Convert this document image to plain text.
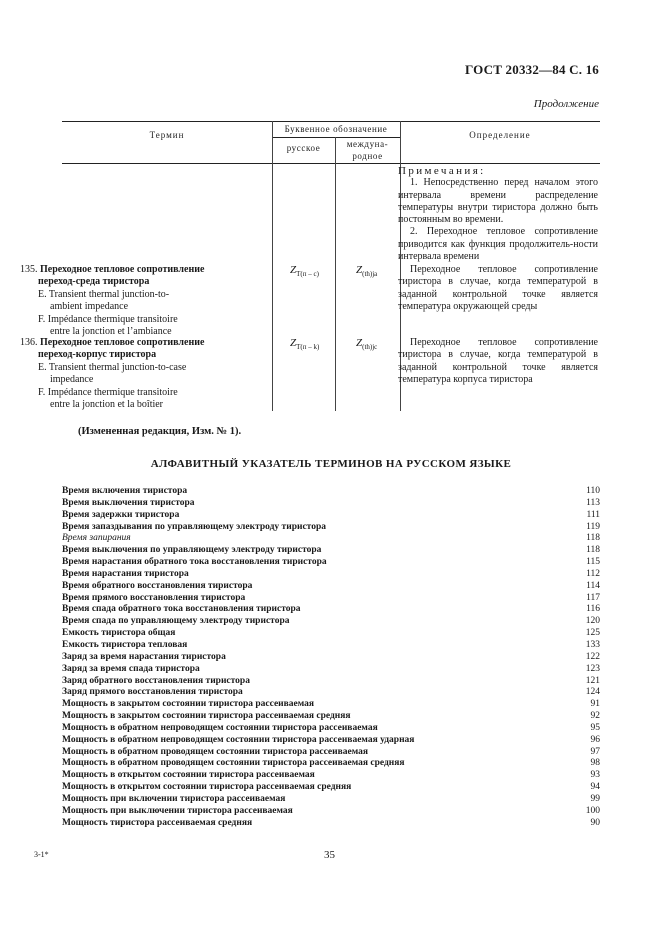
ГОСТ 20332—84 С. 16
Продолжение
Термин
Буквенное обозначение
русское	междуна-
родное
Определение
Примечания:

1. Непосредственно перед началом этого интервала времени распределение температуры внутри тиристора должно быть постоянным во времени.

2. Переходное тепловое сопротивление приводится как функция продолжитель-ности интервала времени

135. Переходное тепловое сопротивление
переход-среда тиристора
E. Transient thermal junction-to-
ambient impedance
F. Impédance thermique transitoire
entre la jonction et l’ambiance
$Z_{T(п - с)}$	$Z_{(th)ja}$	Переходное тепловое сопротивление тиристора в случае, когда температурой в заданной контрольной точке является температура окружающей среды

136. Переходное тепловое сопротивление
переход-корпус тиристора
E. Transient thermal junction-to-case
impedance
F. Impédance thermique transitoire
entre la jonction et la boîtier
$Z_{T(п - k)}$	$Z_{(th)jc}$	Переходное тепловое сопротивление тиристора в случае, когда температурой в заданной контрольной точке является температура корпуса тиристора

(Измененная редакция, Изм. № 1).
АЛФАВИТНЫЙ УКАЗАТЕЛЬ ТЕРМИНОВ НА РУССКОМ ЯЗЫКЕ
Время включения тиристора	110
Время выключения тиристора	113
Время задержки тиристора	111
Время запаздывания по управляющему электроду тиристора	119
Время запирания	118
Время выключения по управляющему электроду тиристора	118
Время нарастания обратного тока восстановления тиристора	115
Время нарастания тиристора	112
Время обратного восстановления тиристора	114
Время прямого восстановления тиристора	117
Время спада обратного тока восстановления тиристора	116
Время спада по управляющему электроду тиристора	120
Емкость тиристора общая	125
Емкость тиристора тепловая	133
Заряд за время нарастания тиристора	122
Заряд за время спада тиристора	123
Заряд обратного восстановления тиристора	121
Заряд прямого восстановления тиристора	124
Мощность в закрытом состоянии тиристора рассеиваемая	91
Мощность в закрытом состоянии тиристора рассеиваемая средняя	92
Мощность в обратном непроводящем состоянии тиристора рассеиваемая	95
Мощность в обратном непроводящем состоянии тиристора рассеиваемая ударная	96
Мощность в обратном проводящем состоянии тиристора рассеиваемая	97
Мощность в обратном проводящем состоянии тиристора рассеиваемая средняя	98
Мощность в открытом состоянии тиристора рассеиваемая	93
Мощность в открытом состоянии тиристора рассеиваемая средняя	94
Мощность при включении тиристора рассеиваемая	99
Мощность при выключении тиристора рассеиваемая	100
Мощность тиристора рассеиваемая средняя	90
3-1*	35
